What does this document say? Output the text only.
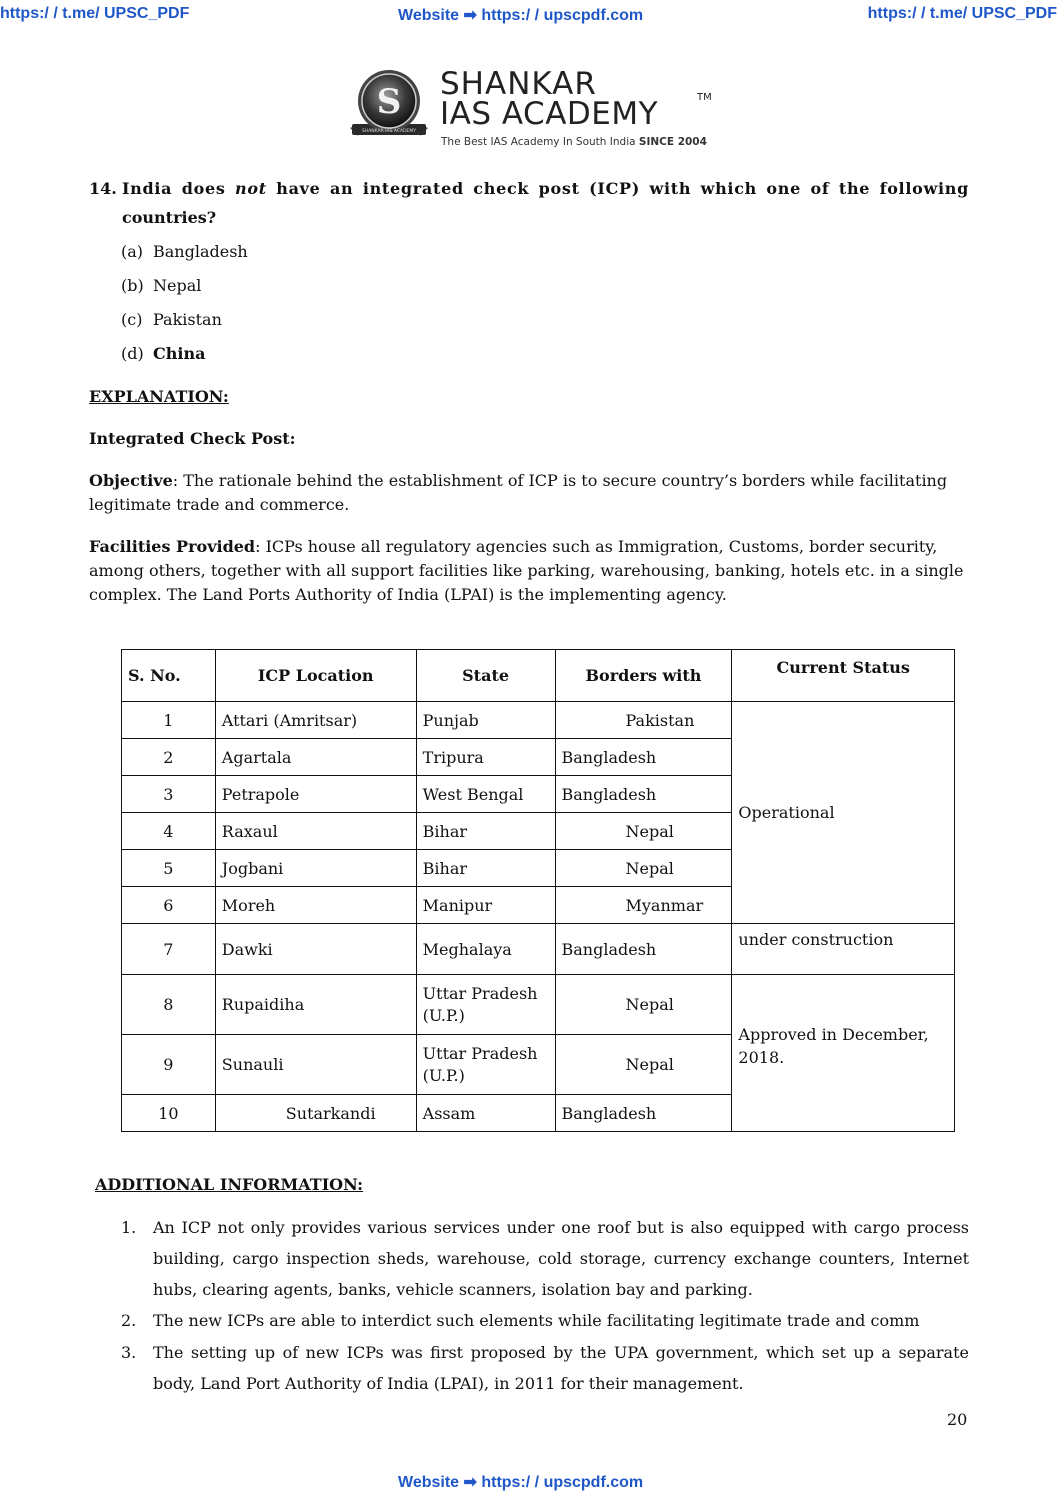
https:/ / t.me/ UPSC_PDF	Website ➡ https:/ / upscpdf.com	https:/ / t.me/ UPSC_PDF
S
SHANKAR IAS ACADEMY
SHANKAR
IAS ACADEMY	TM
The Best IAS Academy In South India SINCE 2004
14. India does not have an integrated check post (ICP) with which one of the following
countries?
(a) Bangladesh
(b) Nepal
(c) Pakistan
(d) China
EXPLANATION:
Integrated Check Post:
Objective: The rationale behind the establishment of ICP is to secure country’s borders while facilitating legitimate trade and commerce.
Facilities Provided: ICPs house all regulatory agencies such as Immigration, Customs, border security, among others, together with all support facilities like parking, warehousing, banking, hotels etc. in a single complex. The Land Ports Authority of India (LPAI) is the implementing agency.
S. No.	ICP Location	State	Borders with	Current Status
1	Attari (Amritsar)	Punjab	Pakistan	Operational
2	Agartala	Tripura	Bangladesh	
3	Petrapole	West Bengal	Bangladesh	
4	Raxaul	Bihar	Nepal	
5	Jogbani	Bihar	Nepal	
6	Moreh	Manipur	Myanmar	
7	Dawki	Meghalaya	Bangladesh	under construction
8	Rupaidiha	Uttar Pradesh (U.P.)	Nepal	Approved in December, 2018.
9	Sunauli	Uttar Pradesh (U.P.)	Nepal	
10	Sutarkandi	Assam	Bangladesh	
ADDITIONAL INFORMATION:
1. An ICP not only provides various services under one roof but is also equipped with cargo process building, cargo inspection sheds, warehouse, cold storage, currency exchange counters, Internet hubs, clearing agents, banks, vehicle scanners, isolation bay and parking.
2. The new ICPs are able to interdict such elements while facilitating legitimate trade and comm
3. The setting up of new ICPs was first proposed by the UPA government, which set up a separate body, Land Port Authority of India (LPAI), in 2011 for their management.
20
Website ➡ https:/ / upscpdf.com
